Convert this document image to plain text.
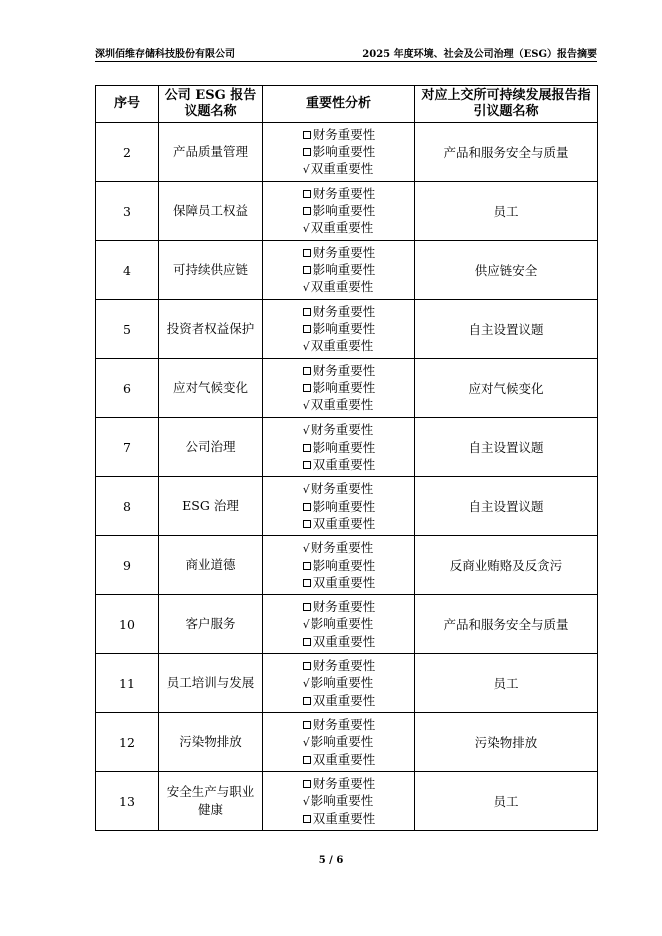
深圳佰维存储科技股份有限公司	2025 年度环境、社会及公司治理（ESG）报告摘要
序号	公司 ESG 报告议题名称	重要性分析	对应上交所可持续发展报告指引议题名称
2	产品质量管理	财务重要性
影响重要性
√双重重要性	产品和服务安全与质量
3	保障员工权益	财务重要性
影响重要性
√双重重要性	员工
4	可持续供应链	财务重要性
影响重要性
√双重重要性	供应链安全
5	投资者权益保护	财务重要性
影响重要性
√双重重要性	自主设置议题
6	应对气候变化	财务重要性
影响重要性
√双重重要性	应对气候变化
7	公司治理	√财务重要性
影响重要性
双重重要性	自主设置议题
8	ESG 治理	√财务重要性
影响重要性
双重重要性	自主设置议题
9	商业道德	√财务重要性
影响重要性
双重重要性	反商业贿赂及反贪污
10	客户服务	财务重要性
√影响重要性
双重重要性	产品和服务安全与质量
11	员工培训与发展	财务重要性
√影响重要性
双重重要性	员工
12	污染物排放	财务重要性
√影响重要性
双重重要性	污染物排放
13	安全生产与职业健康	财务重要性
√影响重要性
双重重要性	员工
5 / 6
